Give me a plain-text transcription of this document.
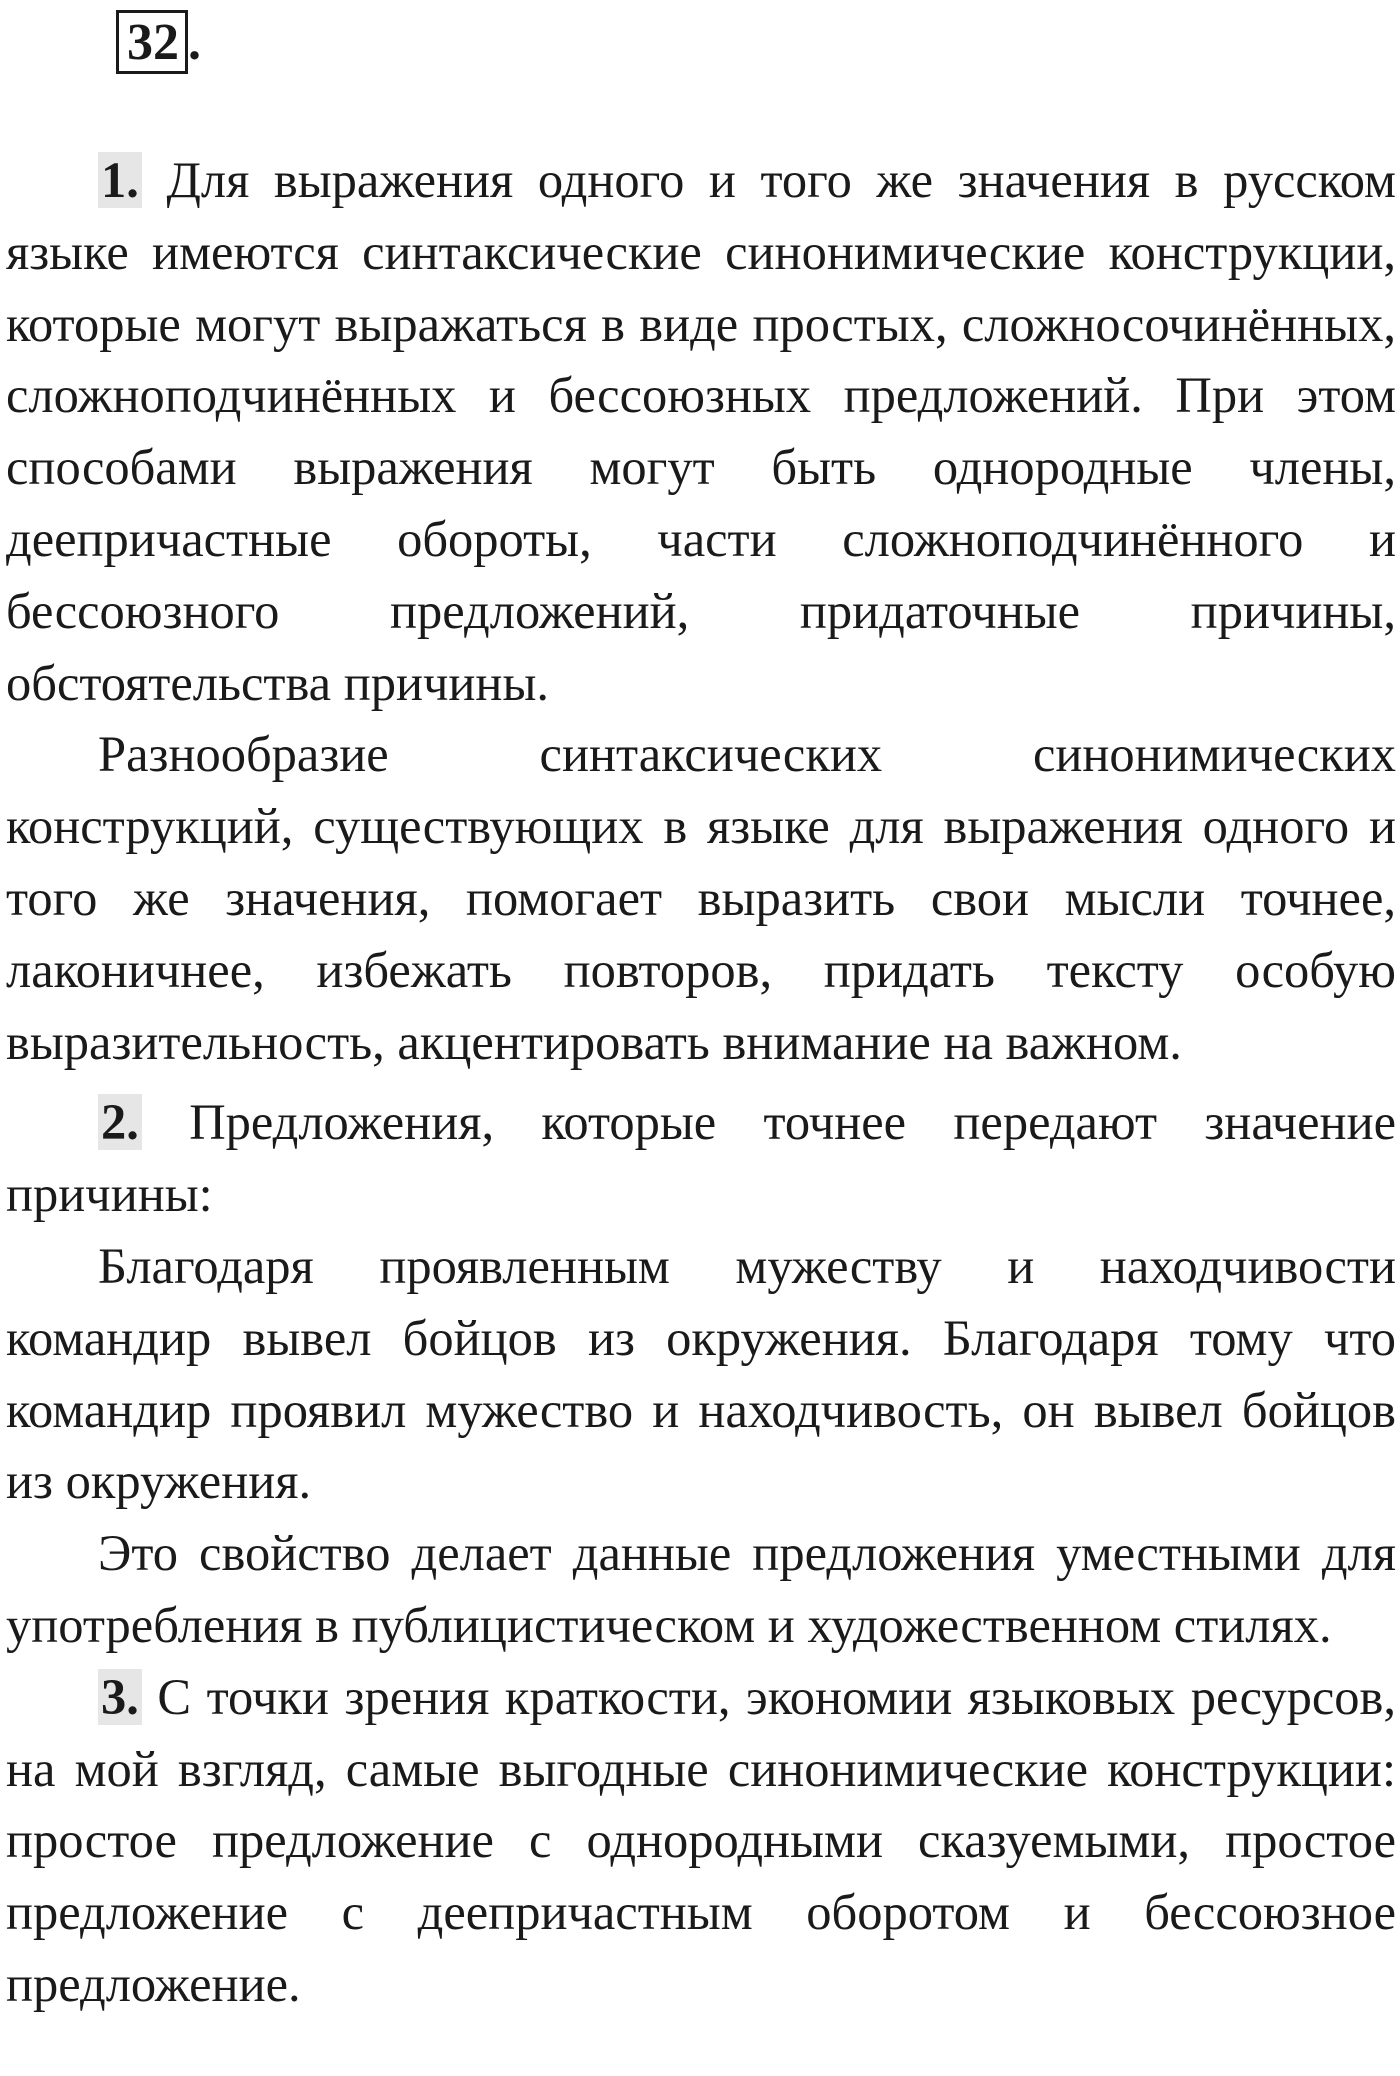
32 .

1. Для выражения одного и того же значения в русском языке имеются синтаксические синонимические конструкции, которые могут выражаться в виде простых, сложносочинённых, сложноподчинённых и бессоюзных предложений. При этом способами выражения могут быть однородные члены, деепричастные обороты, части сложноподчинённого и бессоюзного предложений, придаточные причины, обстоятельства причины.

Разнообразие синтаксических синонимических конструкций, существующих в языке для выражения одного и того же значения, помогает выразить свои мысли точнее, лаконичнее, избежать повторов, придать тексту особую выразительность, акцентировать внимание на важном.

2. Предложения, которые точнее передают значение причины:

Благодаря проявленным мужеству и находчивости командир вывел бойцов из окружения. Благодаря тому что командир проявил мужество и находчивость, он вывел бойцов из окружения.

Это свойство делает данные предложения уместными для употребления в публицистическом и художественном стилях.

3. С точки зрения краткости, экономии языковых ресурсов, на мой взгляд, самые выгодные синонимические конструкции: простое предложение с однородными сказуемыми, простое предложение с деепричастным оборотом и бессоюзное предложение.
